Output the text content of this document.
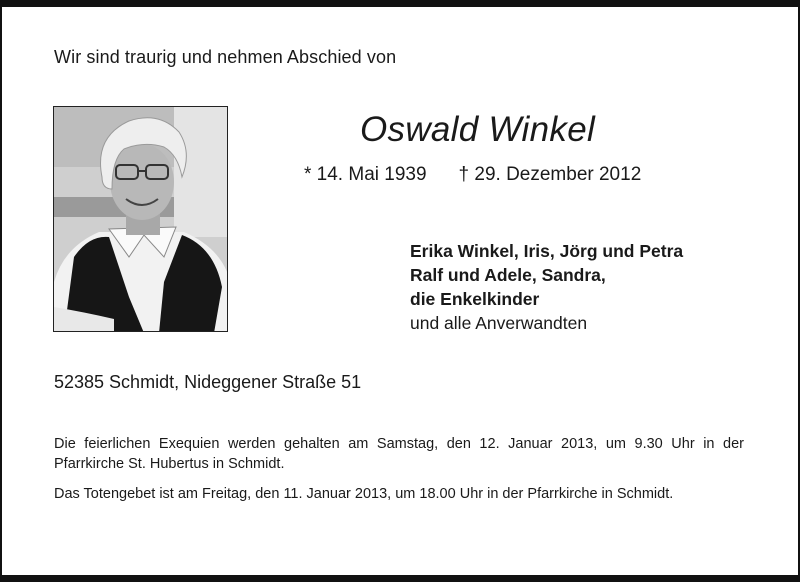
Wir sind traurig und nehmen Abschied von
Oswald Winkel
* 14. Mai 1939 † 29. Dezember 2012
Erika Winkel, Iris, Jörg und Petra
Ralf und Adele, Sandra,
die Enkelkinder
und alle Anverwandten
52385 Schmidt, Nideggener Straße 51
Die feierlichen Exequien werden gehalten am Samstag, den 12. Januar 2013, um 9.30 Uhr in der Pfarrkirche St. Hubertus in Schmidt.
Das Totengebet ist am Freitag, den 11. Januar 2013, um 18.00 Uhr in der Pfarrkirche in Schmidt.
